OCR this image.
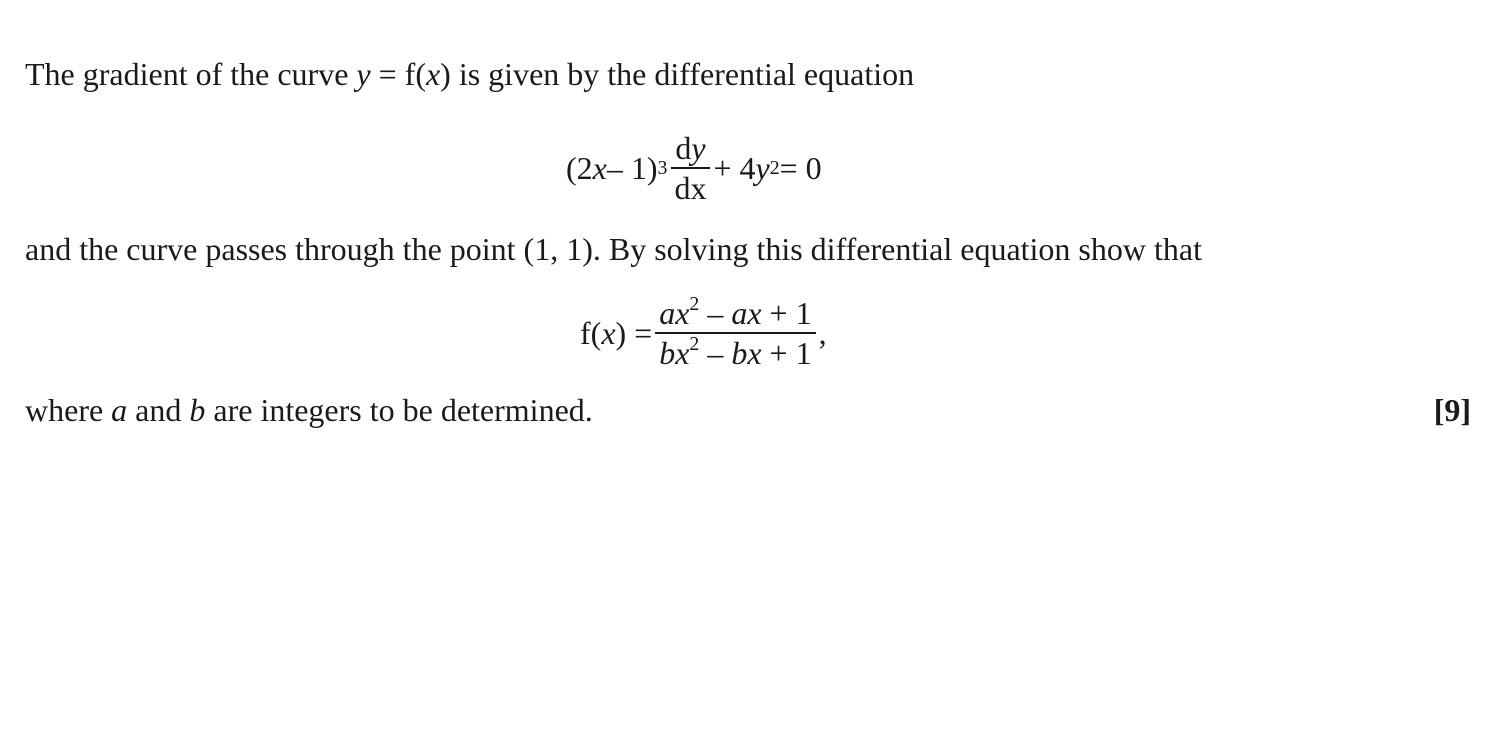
The gradient of the curve y = f(x) is given by the differential equation
(2 x – 1) $3 \frac{dy}{dx} + 4$ y 2 = 0
and the curve passes through the point (1, 1). By solving this differential equation show that
f( x ) = $\frac{ax^2 - ax + 1}{bx^2 - bx + 1}$ ,
where a and b are integers to be determined.	[9]
